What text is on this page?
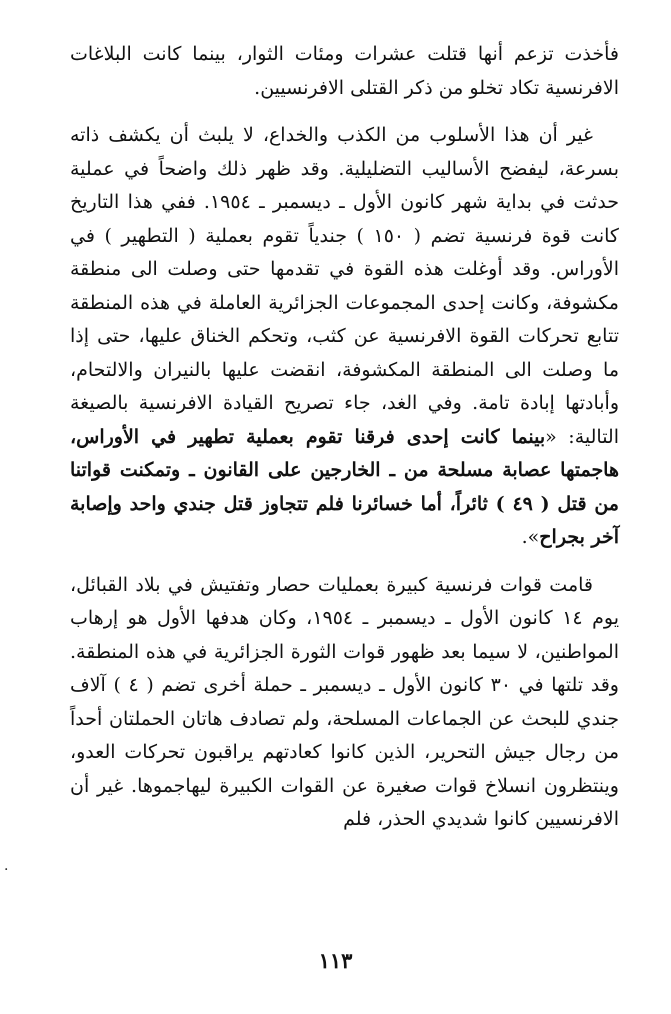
فأخذت تزعم أنها قتلت عشرات ومئات الثوار، بينما كانت البلاغات الافرنسية تكاد تخلو من ذكر القتلى الافرنسيين.

غير أن هذا الأسلوب من الكذب والخداع، لا يلبث أن يكشف ذاته بسرعة، ليفضح الأساليب التضليلية. وقد ظهر ذلك واضحاً في عملية حدثت في بداية شهر كانون الأول ـ ديسمبر ـ ١٩٥٤. ففي هذا التاريخ كانت قوة فرنسية تضم ( ١٥٠ ) جندياً تقوم بعملية ( التطهير ) في الأوراس. وقد أوغلت هذه القوة في تقدمها حتى وصلت الى منطقة مكشوفة، وكانت إحدى المجموعات الجزائرية العاملة في هذه المنطقة تتابع تحركات القوة الافرنسية عن كثب، وتحكم الخناق عليها، حتى إذا ما وصلت الى المنطقة المكشوفة، انقضت عليها بالنيران والالتحام، وأبادتها إبادة تامة. وفي الغد، جاء تصريح القيادة الافرنسية بالصيغة التالية: «بينما كانت إحدى فرقنا تقوم بعملية تطهير في الأوراس، هاجمتها عصابة مسلحة من ـ الخارجين على القانون ـ وتمكنت قواتنا من قتل ( ٤٩ ) ثائراً، أما خسائرنا فلم تتجاوز قتل جندي واحد وإصابة آخر بجراح».

قامت قوات فرنسية كبيرة بعمليات حصار وتفتيش في بلاد القبائل، يوم ١٤ كانون الأول ـ ديسمبر ـ ١٩٥٤، وكان هدفها الأول هو إرهاب المواطنين، لا سيما بعد ظهور قوات الثورة الجزائرية في هذه المنطقة. وقد تلتها في ٣٠ كانون الأول ـ ديسمبر ـ حملة أخرى تضم ( ٤ ) آلاف جندي للبحث عن الجماعات المسلحة، ولم تصادف هاتان الحملتان أحداً من رجال جيش التحرير، الذين كانوا كعادتهم يراقبون تحركات العدو، وينتظرون انسلاخ قوات صغيرة عن القوات الكبيرة ليهاجموها. غير أن الافرنسيين كانوا شديدي الحذر، فلم

·
١١٣
